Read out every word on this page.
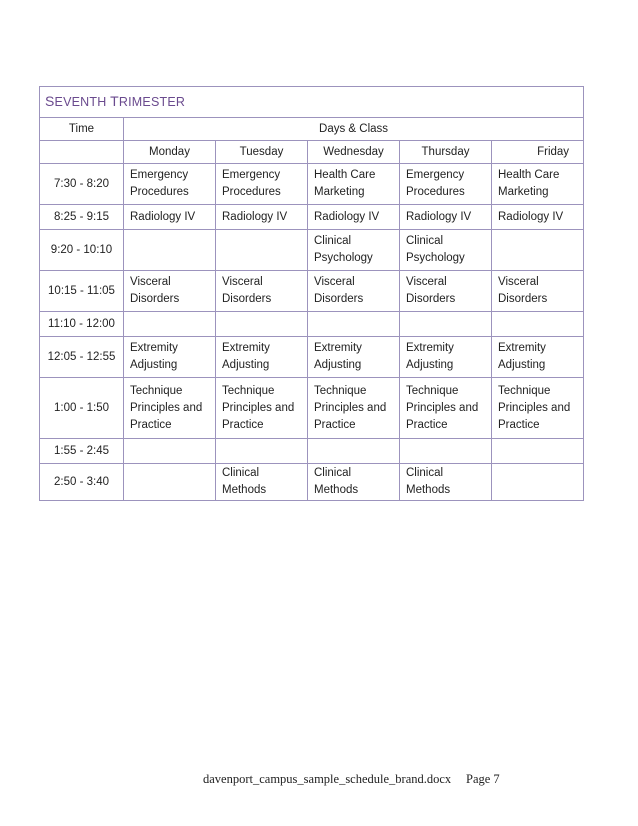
SEVENTH TRIMESTER					
Time	Days & Class				
	Monday	Tuesday	Wednesday	Thursday	Friday
7:30 - 8:20	Emergency Procedures	Emergency Procedures	Health Care Marketing	Emergency Procedures	Health Care Marketing
8:25 - 9:15	Radiology IV	Radiology IV	Radiology IV	Radiology IV	Radiology IV
9:20 - 10:10			Clinical Psychology	Clinical Psychology	
10:15 - 11:05	Visceral Disorders	Visceral Disorders	Visceral Disorders	Visceral Disorders	Visceral Disorders
11:10 - 12:00					
12:05 - 12:55	Extremity Adjusting	Extremity Adjusting	Extremity Adjusting	Extremity Adjusting	Extremity Adjusting
1:00 - 1:50	Technique Principles and Practice	Technique Principles and Practice	Technique Principles and Practice	Technique Principles and Practice	Technique Principles and Practice
1:55 - 2:45					
2:50 - 3:40		Clinical Methods	Clinical Methods	Clinical Methods	
davenport_campus_sample_schedule_brand.docx Page 7
